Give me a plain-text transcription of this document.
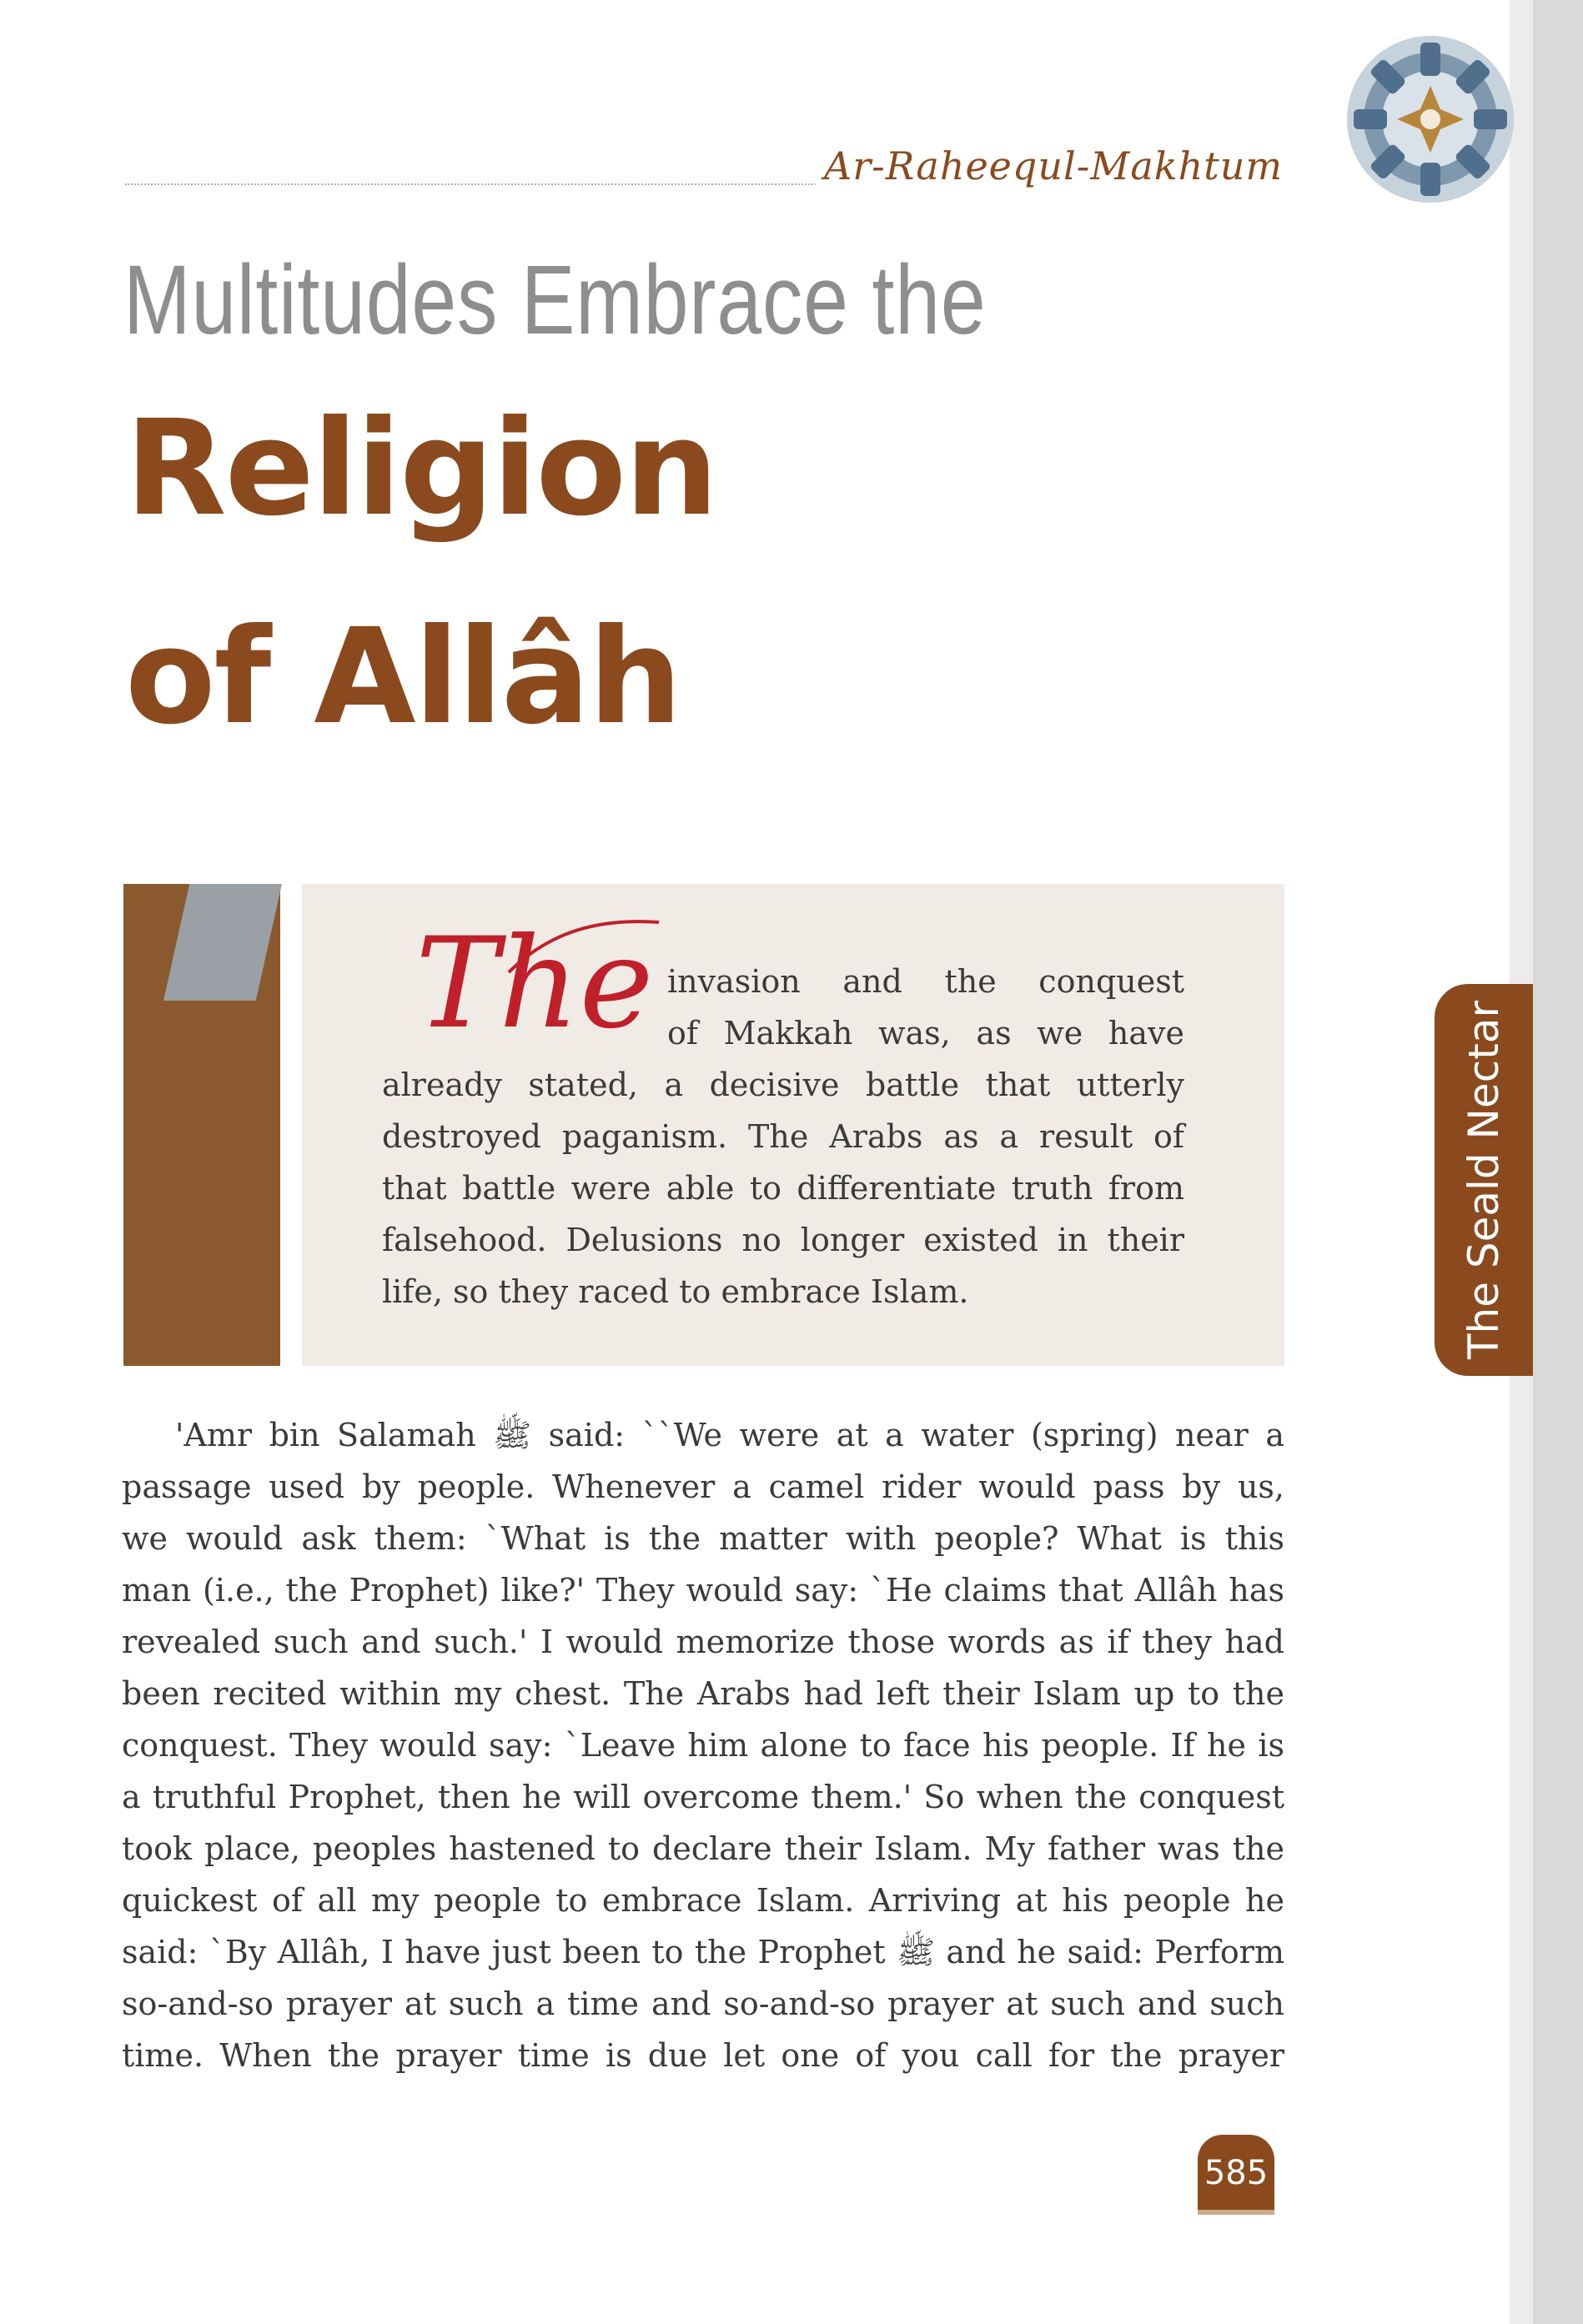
Ar-Raheequl-Makhtum
Multitudes Embrace the
Religion
of Allâh
The invasion and the conquest
of Makkah was, as we have
already stated, a decisive battle that utterly
destroyed paganism. The Arabs as a result of
that battle were able to differentiate truth from
falsehood. Delusions no longer existed in their
life, so they raced to embrace Islam.
'Amr bin Salamah ﷺ said: ``We were at a water (spring) near a
passage used by people. Whenever a camel rider would pass by us,
we would ask them: `What is the matter with people? What is this
man (i.e., the Prophet) like?' They would say: `He claims that Allâh has
revealed such and such.' I would memorize those words as if they had
been recited within my chest. The Arabs had left their Islam up to the
conquest. They would say: `Leave him alone to face his people. If he is
a truthful Prophet, then he will overcome them.' So when the conquest
took place, peoples hastened to declare their Islam. My father was the
quickest of all my people to embrace Islam. Arriving at his people he
said: `By Allâh, I have just been to the Prophet ﷺ and he said: Perform
so-and-so prayer at such a time and so-and-so prayer at such and such
time. When the prayer time is due let one of you call for the prayer
The Seald Nectar
585
